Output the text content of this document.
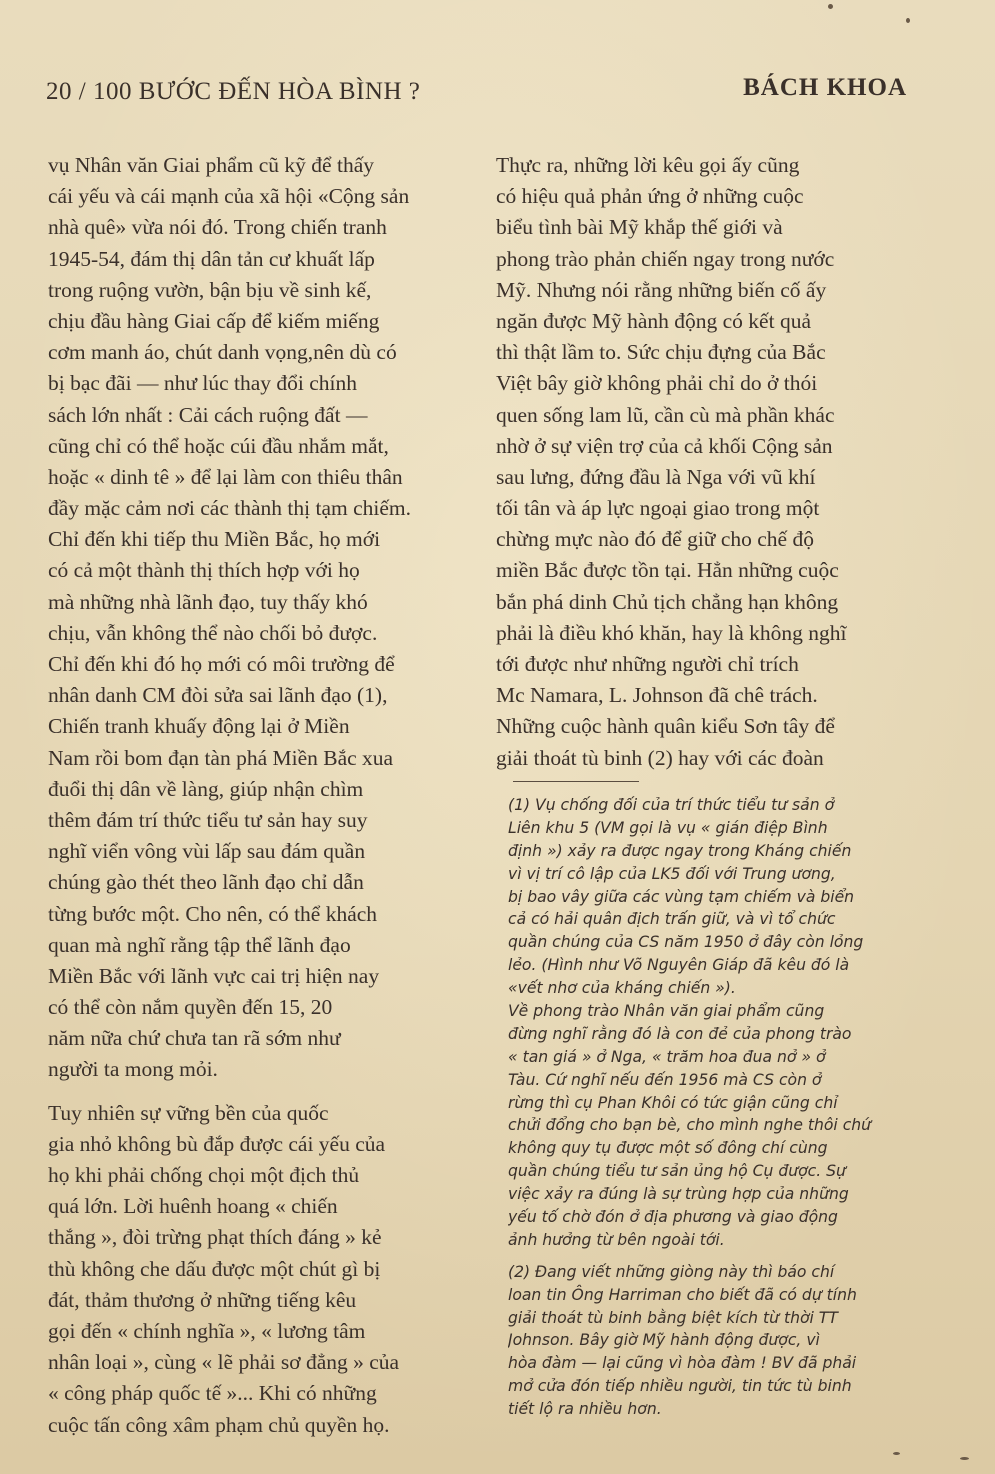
20 / 100 BƯỚC ĐẾN HÒA BÌNH ?	BÁCH KHOA
vụ Nhân văn Giai phẩm cũ kỹ để thấy
cái yếu và cái mạnh của xã hội «Cộng sản
nhà quê» vừa nói đó. Trong chiến tranh
1945-54, đám thị dân tản cư khuất lấp
trong ruộng vườn, bận bịu về sinh kế,
chịu đầu hàng Giai cấp để kiếm miếng
cơm manh áo, chút danh vọng,nên dù có
bị bạc đãi — như lúc thay đổi chính
sách lớn nhất : Cải cách ruộng đất —
cũng chỉ có thể hoặc cúi đầu nhắm mắt,
hoặc « dinh tê » để lại làm con thiêu thân
đầy mặc cảm nơi các thành thị tạm chiếm.
Chỉ đến khi tiếp thu Miền Bắc, họ mới
có cả một thành thị thích hợp với họ
mà những nhà lãnh đạo, tuy thấy khó
chịu, vẫn không thể nào chối bỏ được.
Chỉ đến khi đó họ mới có môi trường để
nhân danh CM đòi sửa sai lãnh đạo (1),
Chiến tranh khuấy động lại ở Miền
Nam rồi bom đạn tàn phá Miền Bắc xua
đuổi thị dân về làng, giúp nhận chìm
thêm đám trí thức tiểu tư sản hay suy
nghĩ viển vông vùi lấp sau đám quần
chúng gào thét theo lãnh đạo chỉ dẫn
từng bước một. Cho nên, có thể khách
quan mà nghĩ rằng tập thể lãnh đạo
Miền Bắc với lãnh vực cai trị hiện nay
có thể còn nắm quyền đến 15, 20
năm nữa chứ chưa tan rã sớm như
người ta mong mỏi.
Tuy nhiên sự vững bền của quốc
gia nhỏ không bù đắp được cái yếu của
họ khi phải chống chọi một địch thủ
quá lớn. Lời huênh hoang « chiến
thắng », đòi trừng phạt thích đáng » kẻ
thù không che dấu được một chút gì bị
đát, thảm thương ở những tiếng kêu
gọi đến « chính nghĩa », « lương tâm
nhân loại », cùng « lẽ phải sơ đẳng » của
« công pháp quốc tế »... Khi có những
cuộc tấn công xâm phạm chủ quyền họ.
Thực ra, những lời kêu gọi ấy cũng
có hiệu quả phản ứng ở những cuộc
biểu tình bài Mỹ khắp thế giới và
phong trào phản chiến ngay trong nước
Mỹ. Nhưng nói rằng những biến cố ấy
ngăn được Mỹ hành động có kết quả
thì thật lầm to. Sức chịu đựng của Bắc
Việt bây giờ không phải chỉ do ở thói
quen sống lam lũ, cần cù mà phần khác
nhờ ở sự viện trợ của cả khối Cộng sản
sau lưng, đứng đầu là Nga với vũ khí
tối tân và áp lực ngoại giao trong một
chừng mực nào đó để giữ cho chế độ
miền Bắc được tồn tại. Hẳn những cuộc
bắn phá dinh Chủ tịch chẳng hạn không
phải là điều khó khăn, hay là không nghĩ
tới được như những người chỉ trích
Mc Namara, L. Johnson đã chê trách.
Những cuộc hành quân kiểu Sơn tây để
giải thoát tù binh (2) hay với các đoàn
(1) Vụ chống đối của trí thức tiểu tư sản ở
Liên khu 5 (VM gọi là vụ « gián điệp Bình
định ») xảy ra được ngay trong Kháng chiến
vì vị trí cô lập của LK5 đối với Trung ương,
bị bao vây giữa các vùng tạm chiếm và biển
cả có hải quân địch trấn giữ, và vì tổ chức
quần chúng của CS năm 1950 ở đây còn lỏng
lẻo. (Hình như Võ Nguyên Giáp đã kêu đó là
«vết nhơ của kháng chiến »).
Về phong trào Nhân văn giai phẩm cũng
đừng nghĩ rằng đó là con đẻ của phong trào
« tan giá » ở Nga, « trăm hoa đua nở » ở
Tàu. Cứ nghĩ nếu đến 1956 mà CS còn ở
rừng thì cụ Phan Khôi có tức giận cũng chỉ
chửi đổng cho bạn bè, cho mình nghe thôi chứ
không quy tụ được một số đông chí cùng
quần chúng tiểu tư sản ủng hộ Cụ được. Sự
việc xảy ra đúng là sự trùng hợp của những
yếu tố chờ đón ở địa phương và giao động
ảnh hưởng từ bên ngoài tới.
(2) Đang viết những giòng này thì báo chí
loan tin Ông Harriman cho biết đã có dự tính
giải thoát tù binh bằng biệt kích từ thời TT
Johnson. Bây giờ Mỹ hành động được, vì
hòa đàm — lại cũng vì hòa đàm ! BV đã phải
mở cửa đón tiếp nhiều người, tin tức tù binh
tiết lộ ra nhiều hơn.
